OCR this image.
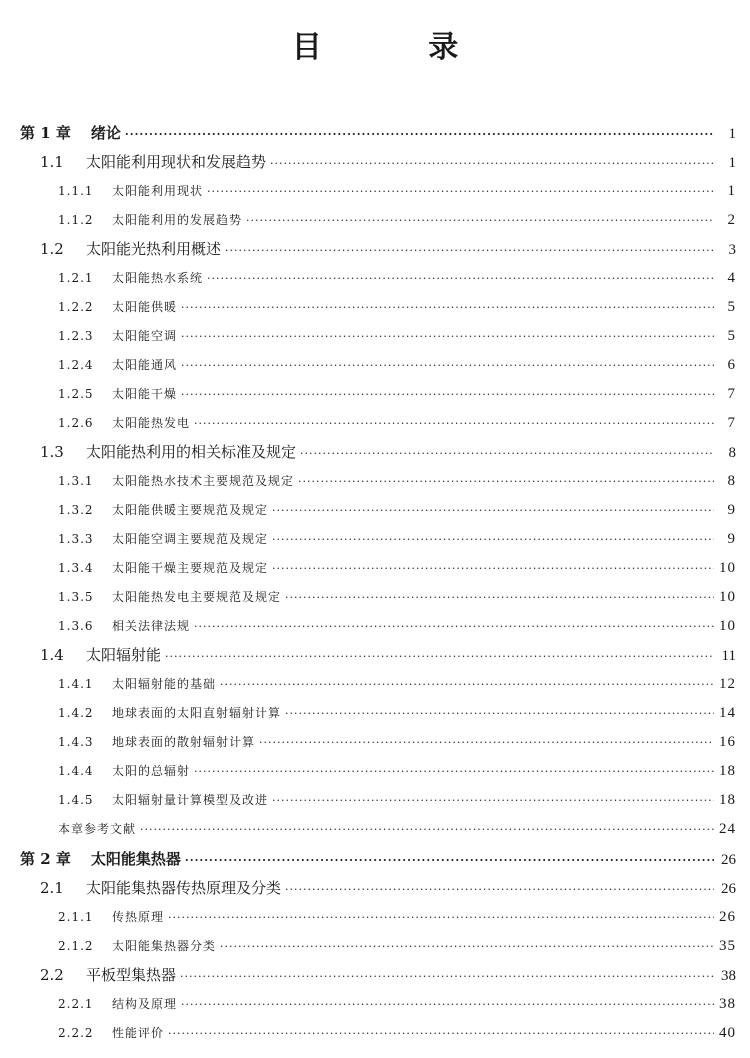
目 录
第 1 章 绪论 ·····	1
1.1	太阳能利用现状和发展趋势 ·····	1
1.1.1	太阳能利用现状 ·····	1
1.1.2	太阳能利用的发展趋势 ·····	2
1.2	太阳能光热利用概述 ·····	3
1.2.1	太阳能热水系统 ·····	4
1.2.2	太阳能供暖 ·····	5
1.2.3	太阳能空调 ·····	5
1.2.4	太阳能通风 ·····	6
1.2.5	太阳能干燥 ·····	7
1.2.6	太阳能热发电 ·····	7
1.3	太阳能热利用的相关标准及规定 ·····	8
1.3.1	太阳能热水技术主要规范及规定 ·····	8
1.3.2	太阳能供暖主要规范及规定 ·····	9
1.3.3	太阳能空调主要规范及规定 ·····	9
1.3.4	太阳能干燥主要规范及规定 ·····	10
1.3.5	太阳能热发电主要规范及规定 ·····	10
1.3.6	相关法律法规 ·····	10
1.4	太阳辐射能 ·····	11
1.4.1	太阳辐射能的基础 ·····	12
1.4.2	地球表面的太阳直射辐射计算 ·····	14
1.4.3	地球表面的散射辐射计算 ·····	16
1.4.4	太阳的总辐射 ·····	18
1.4.5	太阳辐射量计算模型及改进 ·····	18
本章参考文献 ·····	24
第 2 章 太阳能集热器 ·····	26
2.1	太阳能集热器传热原理及分类 ·····	26
2.1.1	传热原理 ·····	26
2.1.2	太阳能集热器分类 ·····	35
2.2	平板型集热器 ·····	38
2.2.1	结构及原理 ·····	38
2.2.2	性能评价 ·····	40
